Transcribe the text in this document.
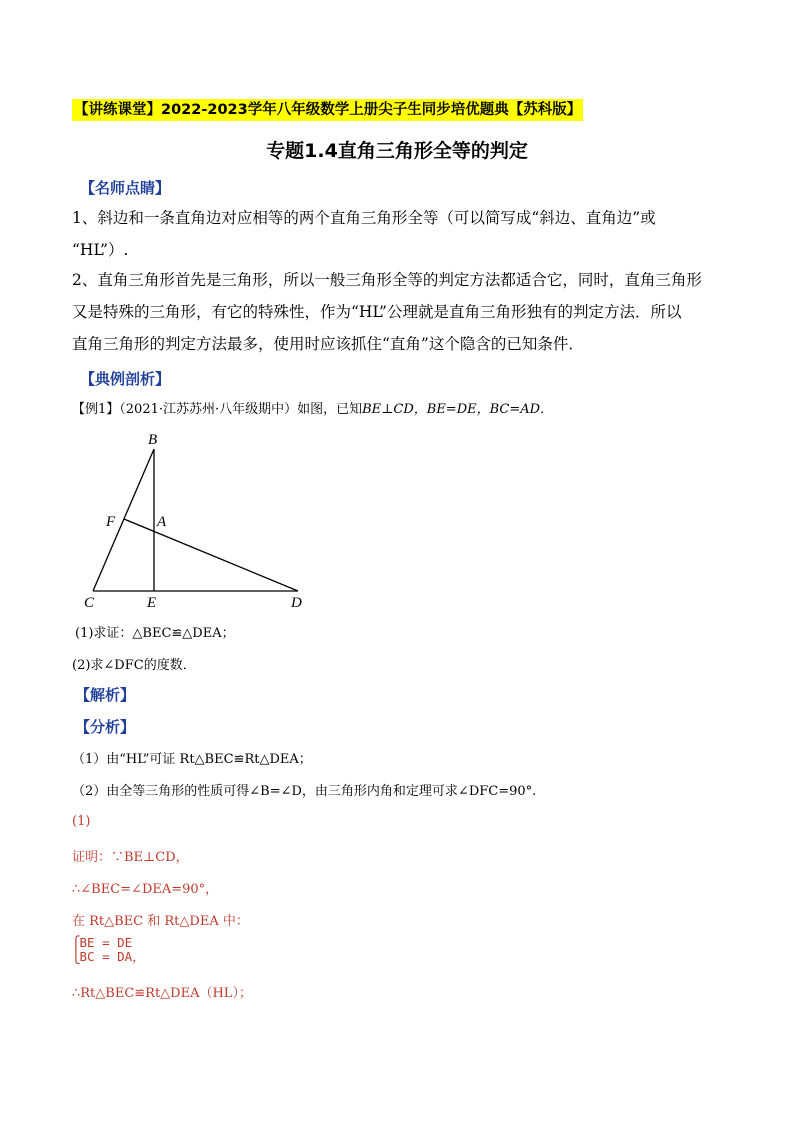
【讲练课堂】2022-2023学年八年级数学上册尖子生同步培优题典【苏科版】
专题1.4直角三角形全等的判定
【名师点睛】
1、斜边和一条直角边对应相等的两个直角三角形全等（可以简写成“斜边、直角边”或
“HL”）.
2、直角三角形首先是三角形，所以一般三角形全等的判定方法都适合它，同时，直角三角形
又是特殊的三角形，有它的特殊性，作为“HL”公理就是直角三角形独有的判定方法．所以
直角三角形的判定方法最多，使用时应该抓住“直角”这个隐含的已知条件．
【典例剖析】
【例1】（2021·江苏苏州·八年级期中）如图，已知BE⊥CD，BE=DE，BC=AD．
B
F	A
C	E	D
(1)求证：△BEC≌△DEA；
(2)求∠DFC的度数．
【解析】
【分析】
（1）由“HL”可证 Rt△BEC≌Rt△DEA；
（2）由全等三角形的性质可得∠B=∠D，由三角形内角和定理可求∠DFC=90°.
(1)
证明：∵BE⊥CD，
∴∠BEC=∠DEA=90°，
在 Rt△BEC 和 Rt△DEA 中：
⎧BE = DE
⎩BC = DA，
∴Rt△BEC≌Rt△DEA（HL）；
